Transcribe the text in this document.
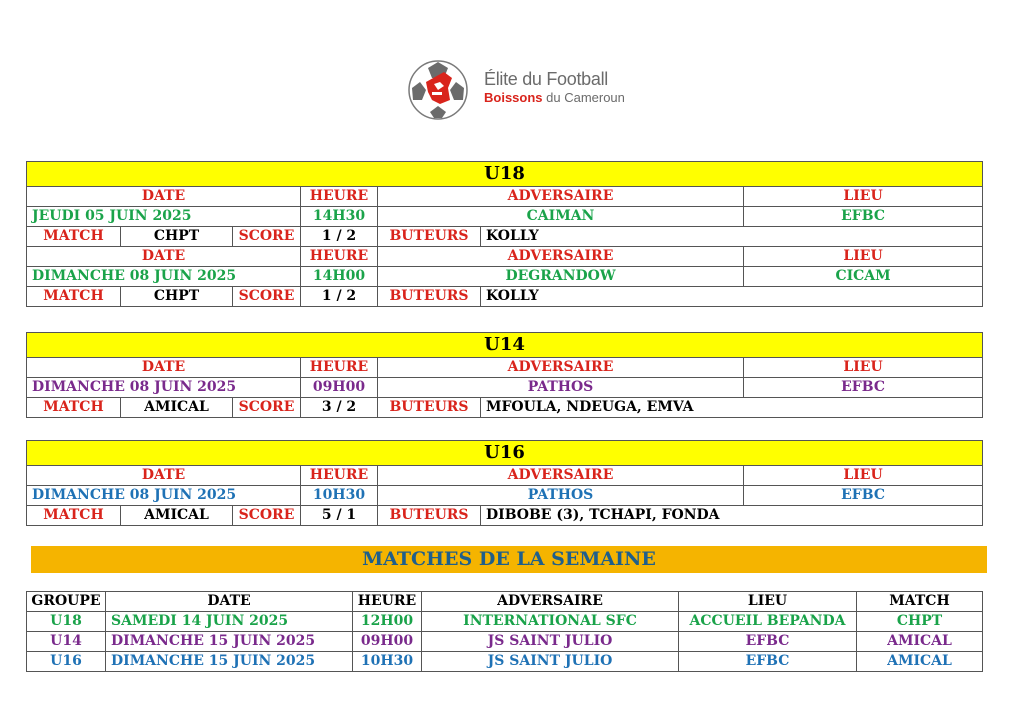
Élite du Football
Boissons du Cameroun
U18						
DATE			HEURE	ADVERSAIRE		LIEU
JEUDI 05 JUIN 2025			14H30	CAIMAN		EFBC
MATCH	CHPT	SCORE	1 / 2	BUTEURS	KOLLY	
DATE			HEURE	ADVERSAIRE		LIEU
DIMANCHE 08 JUIN 2025			14H00	DEGRANDOW		CICAM
MATCH	CHPT	SCORE	1 / 2	BUTEURS	KOLLY	
U14						
DATE			HEURE	ADVERSAIRE		LIEU
DIMANCHE 08 JUIN 2025			09H00	PATHOS		EFBC
MATCH	AMICAL	SCORE	3 / 2	BUTEURS	MFOULA, NDEUGA, EMVA	
U16						
DATE			HEURE	ADVERSAIRE		LIEU
DIMANCHE 08 JUIN 2025			10H30	PATHOS		EFBC
MATCH	AMICAL	SCORE	5 / 1	BUTEURS	DIBOBE (3), TCHAPI, FONDA	
MATCHES DE LA SEMAINE
GROUPE	DATE	HEURE	ADVERSAIRE	LIEU	MATCH
U18	SAMEDI 14 JUIN 2025	12H00	INTERNATIONAL SFC	ACCUEIL BEPANDA	CHPT
U14	DIMANCHE 15 JUIN 2025	09H00	JS SAINT JULIO	EFBC	AMICAL
U16	DIMANCHE 15 JUIN 2025	10H30	JS SAINT JULIO	EFBC	AMICAL
